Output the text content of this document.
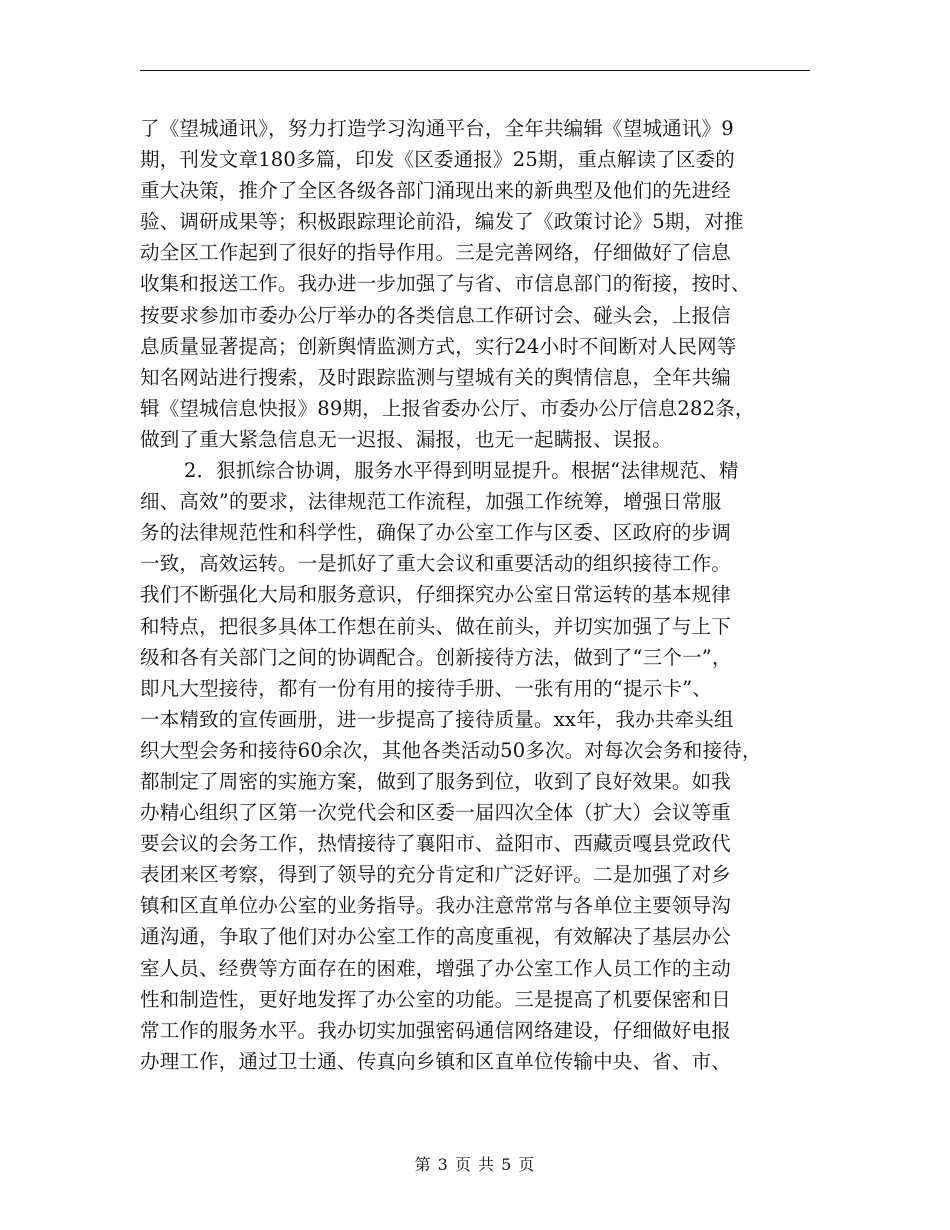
了《望城通讯》，努力打造学习沟通平台，全年共编辑《望城通讯》9
期，刊发文章180多篇，印发《区委通报》25期，重点解读了区委的
重大决策，推介了全区各级各部门涌现出来的新典型及他们的先进经
验、调研成果等；积极跟踪理论前沿，编发了《政策讨论》5期，对推
动全区工作起到了很好的指导作用。三是完善网络，仔细做好了信息
收集和报送工作。我办进一步加强了与省、市信息部门的衔接，按时、
按要求参加市委办公厅举办的各类信息工作研讨会、碰头会，上报信
息质量显著提高；创新舆情监测方式，实行24小时不间断对人民网等
知名网站进行搜索，及时跟踪监测与望城有关的舆情信息，全年共编
辑《望城信息快报》89期，上报省委办公厅、市委办公厅信息282条，
做到了重大紧急信息无一迟报、漏报，也无一起瞒报、误报。
2．狠抓综合协调，服务水平得到明显提升。根据“法律规范、精
细、高效”的要求，法律规范工作流程，加强工作统筹，增强日常服
务的法律规范性和科学性，确保了办公室工作与区委、区政府的步调
一致，高效运转。一是抓好了重大会议和重要活动的组织接待工作。
我们不断强化大局和服务意识，仔细探究办公室日常运转的基本规律
和特点，把很多具体工作想在前头、做在前头，并切实加强了与上下
级和各有关部门之间的协调配合。创新接待方法，做到了“三个一”，
即凡大型接待，都有一份有用的接待手册、一张有用的“提示卡”、
一本精致的宣传画册，进一步提高了接待质量。xx年，我办共牵头组
织大型会务和接待60余次，其他各类活动50多次。对每次会务和接待，
都制定了周密的实施方案，做到了服务到位，收到了良好效果。如我
办精心组织了区第一次党代会和区委一届四次全体（扩大）会议等重
要会议的会务工作，热情接待了襄阳市、益阳市、西藏贡嘎县党政代
表团来区考察，得到了领导的充分肯定和广泛好评。二是加强了对乡
镇和区直单位办公室的业务指导。我办注意常常与各单位主要领导沟
通沟通，争取了他们对办公室工作的高度重视，有效解决了基层办公
室人员、经费等方面存在的困难，增强了办公室工作人员工作的主动
性和制造性，更好地发挥了办公室的功能。三是提高了机要保密和日
常工作的服务水平。我办切实加强密码通信网络建设，仔细做好电报
办理工作，通过卫士通、传真向乡镇和区直单位传输中央、省、市、
第 3 页 共 5 页
